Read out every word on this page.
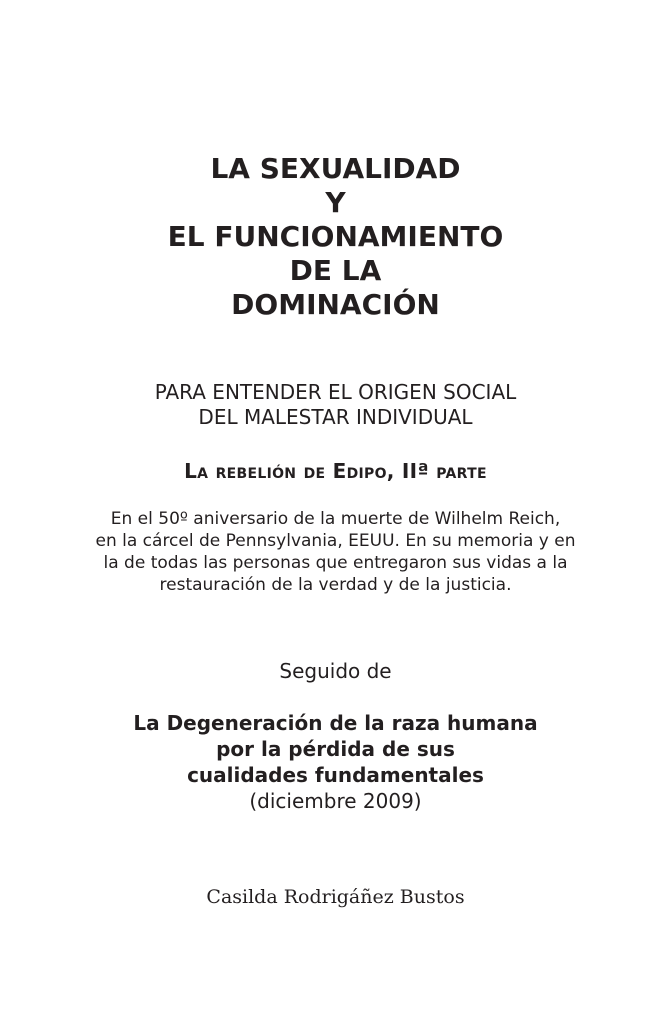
LA SEXUALIDAD
Y
EL FUNCIONAMIENTO
DE LA
DOMINACIÓN
PARA ENTENDER EL ORIGEN SOCIAL
DEL MALESTAR INDIVIDUAL
La rebelión de Edipo, IIª parte
En el 50º aniversario de la muerte de Wilhelm Reich,
en la cárcel de Pennsylvania, EEUU. En su memoria y en
la de todas las personas que entregaron sus vidas a la
restauración de la verdad y de la justicia.
Seguido de
La Degeneración de la raza humana
por la pérdida de sus
cualidades fundamentales
(diciembre 2009)
Casilda Rodrigáñez Bustos
